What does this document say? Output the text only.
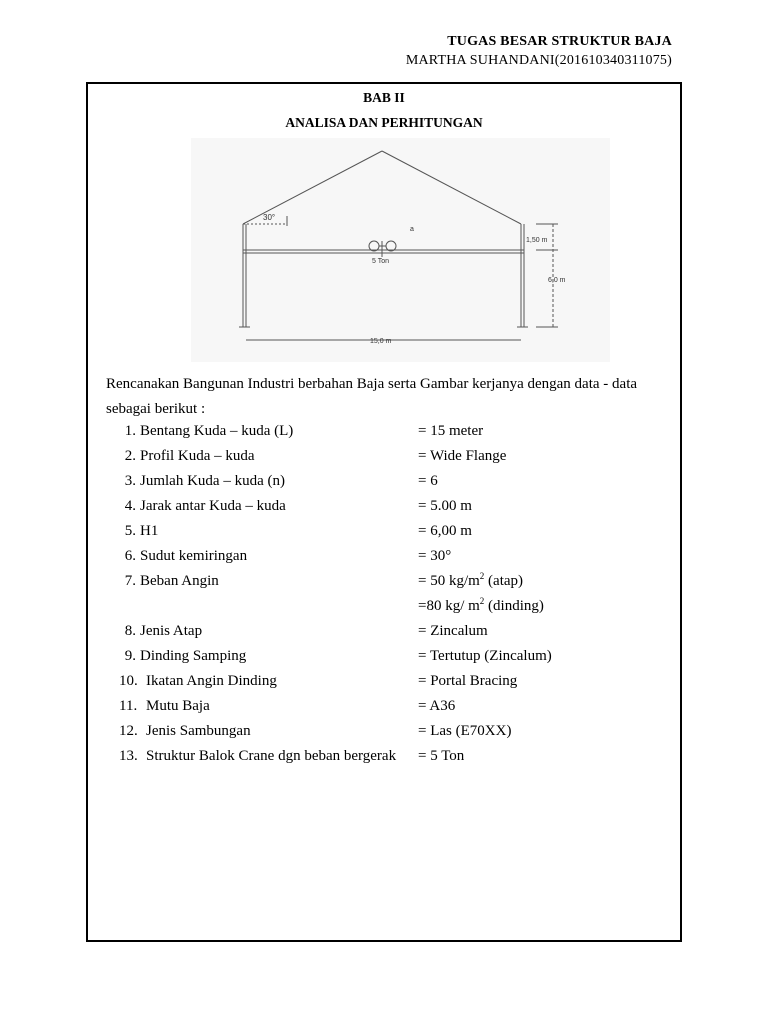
TUGAS BESAR STRUKTUR BAJA
MARTHA SUHANDANI(201610340311075)
BAB II
ANALISA DAN PERHITUNGAN
30°
5 Ton
1,50 m
6,0 m
15,0 m
a
Rencanakan Bangunan Industri berbahan Baja serta Gambar kerjanya dengan data - data sebagai berikut :
1. Bentang Kuda – kuda (L)	= 15 meter
2. Profil Kuda – kuda	= Wide Flange
3. Jumlah Kuda – kuda (n)	= 6
4. Jarak antar Kuda – kuda	= 5.00 m
5. H1	= 6,00 m
6. Sudut kemiringan	= 30°
7. Beban Angin	= 50 $kg/m^2$ (atap)
=80 kg/ $m^2$ (dinding)
8. Jenis Atap	= Zincalum
9. Dinding Samping	= Tertutup (Zincalum)
10. Ikatan Angin Dinding	= Portal Bracing
11. Mutu Baja	= A36
12. Jenis Sambungan	= Las (E70XX)
13. Struktur Balok Crane dgn beban bergerak = 5 Ton
